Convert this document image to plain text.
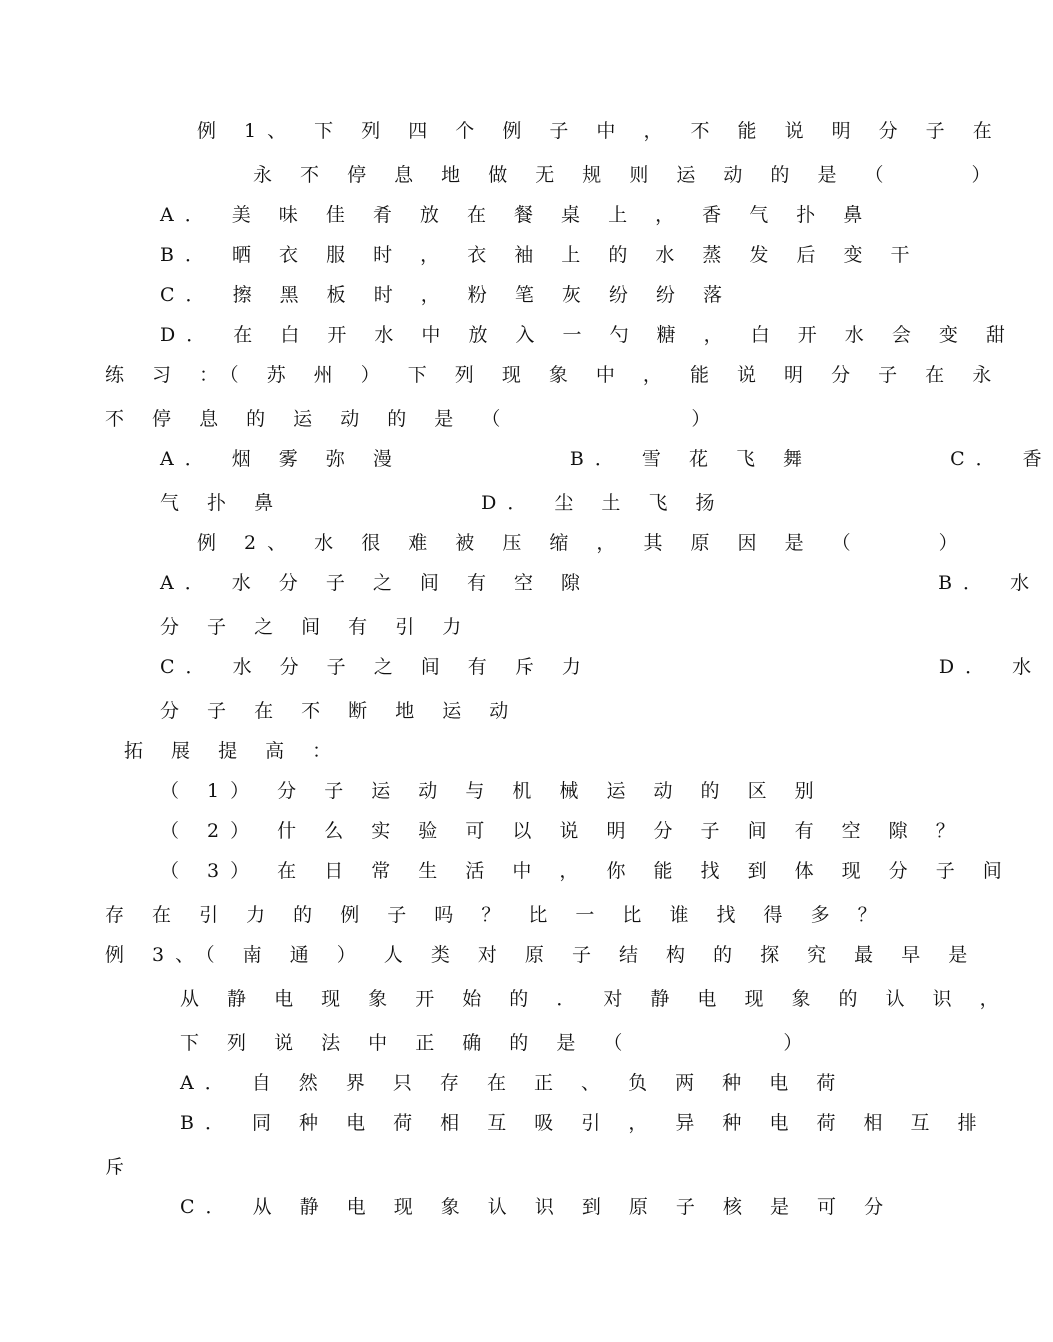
例 1、 下 列 四 个 例 子 中 ， 不 能 说 明 分 子 在

永 不 停 息 地 做 无 规 则 运 动 的 是 （　 　）

A． 美 味 佳 肴 放 在 餐 桌 上 ， 香 气 扑 鼻

B． 晒 衣 服 时 ， 衣 袖 上 的 水 蒸 发 后 变 干

C． 擦 黑 板 时 ， 粉 笔 灰 纷 纷 落

D． 在 白 开 水 中 放 入 一 勺 糖 ， 白 开 水 会 变 甜

练 习 ：（ 苏 州 ） 下 列 现 象 中 ， 能 说 明 分 子 在 永

不 停 息 的 运 动 的 是 （　　　　　　）

A． 烟 雾 弥 漫　　　　　 B． 雪 花 飞 舞　　　　 C． 香

气 扑 鼻　　　　　　 D． 尘 土 飞 扬

例 2、 水 很 难 被 压 缩 ， 其 原 因 是 （　 　）

A． 水 分 子 之 间 有 空 隙　　　　　　　　　　　 B． 水

分 子 之 间 有 引 力

C． 水 分 子 之 间 有 斥 力　　　　　　　　　　　 D． 水

分 子 在 不 断 地 运 动

拓 展 提 高 ：

（ 1） 分 子 运 动 与 机 械 运 动 的 区 别

（ 2） 什 么 实 验 可 以 说 明 分 子 间 有 空 隙 ？

（ 3） 在 日 常 生 活 中 ， 你 能 找 到 体 现 分 子 间

存 在 引 力 的 例 子 吗 ？ 比 一 比 谁 找 得 多 ？

例 3、（ 南 通 ） 人 类 对 原 子 结 构 的 探 究 最 早 是

从 静 电 现 象 开 始 的 ． 对 静 电 现 象 的 认 识 ，

下 列 说 法 中 正 确 的 是 （　　　　　）

A． 自 然 界 只 存 在 正 、 负 两 种 电 荷

B． 同 种 电 荷 相 互 吸 引 ， 异 种 电 荷 相 互 排

斥

C． 从 静 电 现 象 认 识 到 原 子 核 是 可 分
